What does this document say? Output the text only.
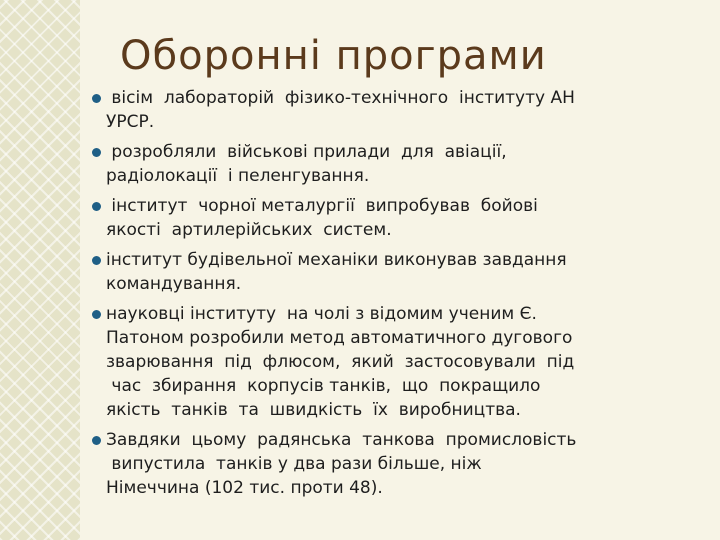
Оборонні програми
вісім  лабораторій  фізико-технічного  інституту АН
УРСР.
розробляли  військові прилади  для  авіації,
радіолокації  і пеленгування.
інститут  чорної металургії  випробував  бойові
якості  артилерійських  систем.
інститут будівельної механіки виконував завдання
командування.
науковці інституту  на чолі з відомим ученим Є.
Патоном розробили метод автоматичного дугового
зварювання  під  флюсом,  який  застосовували  під
час  збирання  корпусів танків,  що  покращило
якість  танків  та  швидкість  їх  виробництва.
Завдяки  цьому  радянська  танкова  промисловість
випустила  танків у два рази більше, ніж
Німеччина (102 тис. проти 48).
